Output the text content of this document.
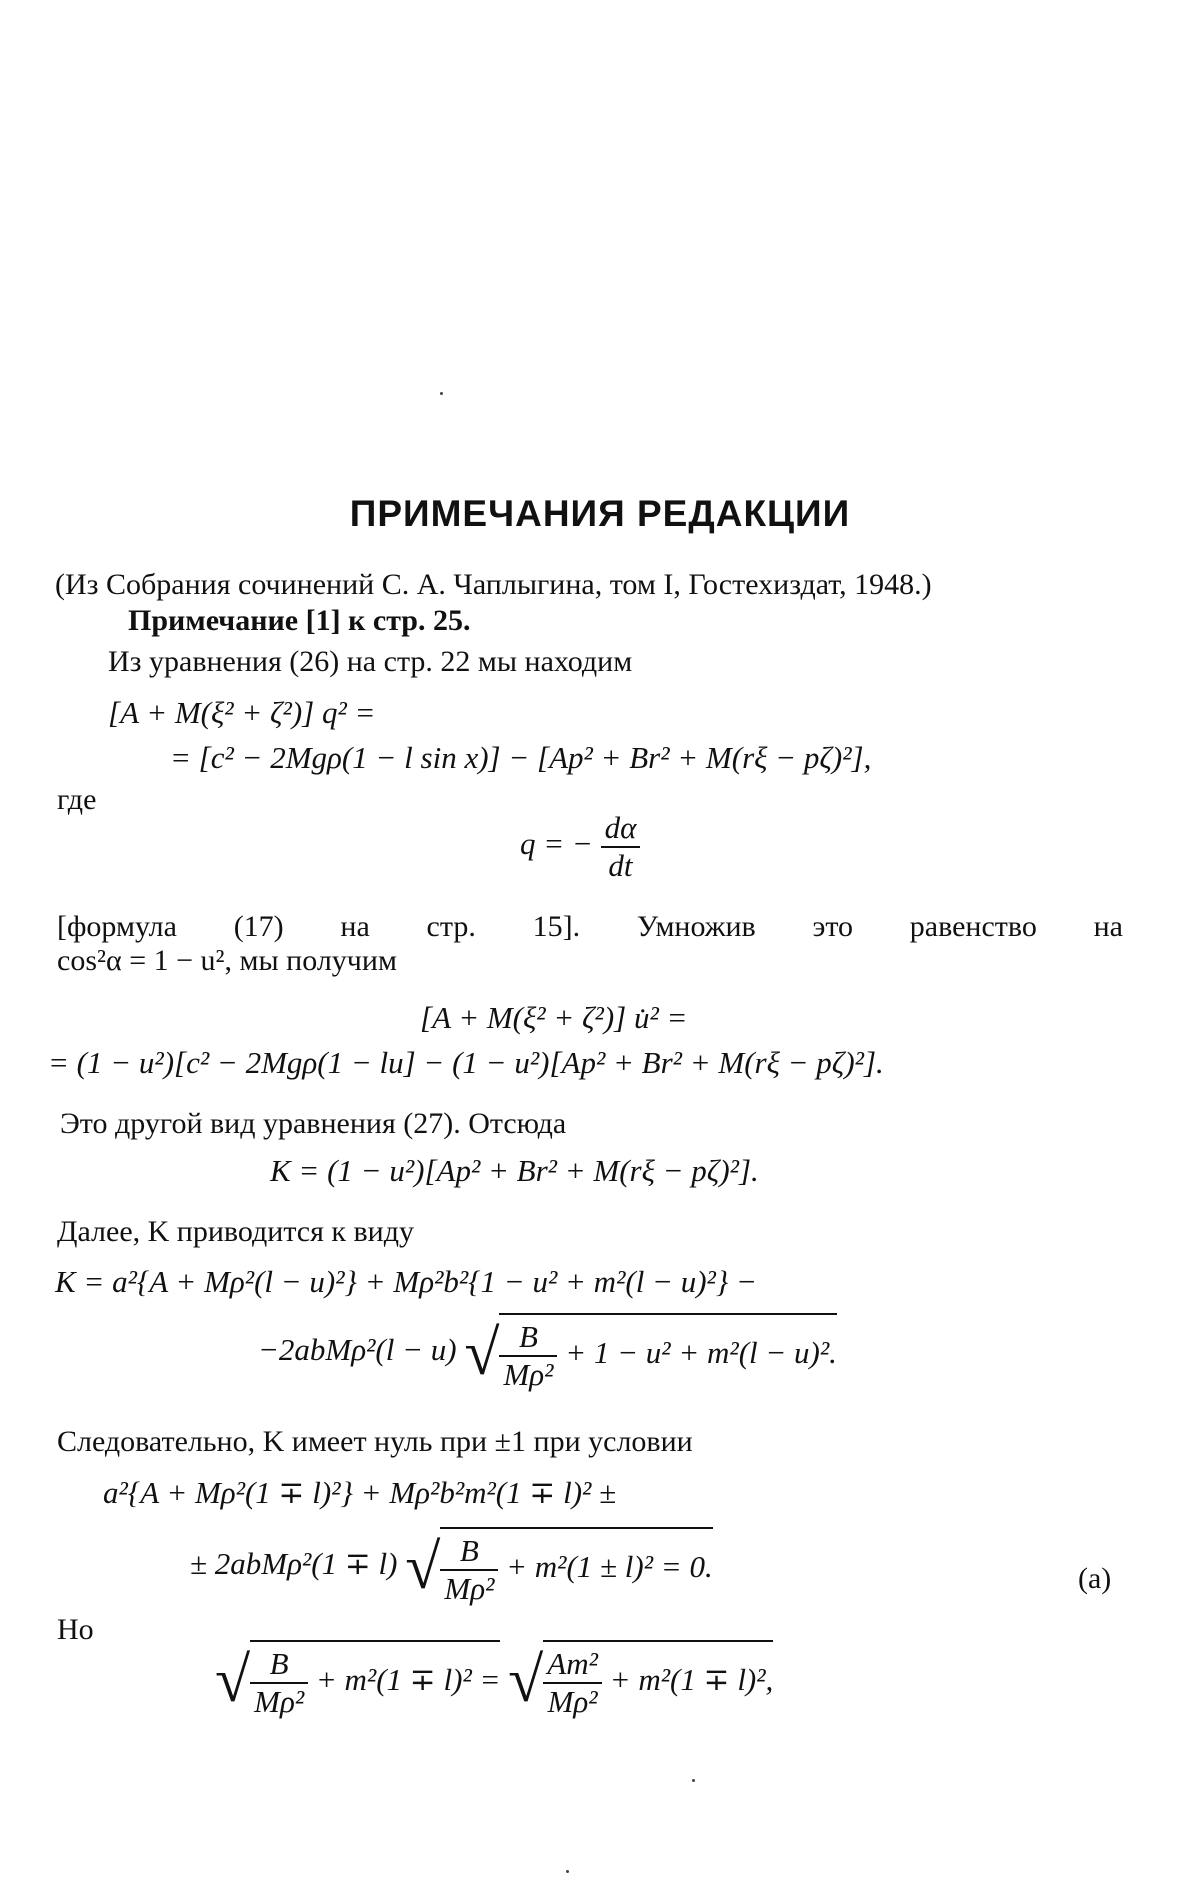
ПРИМЕЧАНИЯ РЕДАКЦИИ
(Из Собрания сочинений С. А. Чаплыгина, том I, Гостехиздат, 1948.)
Примечание [1] к стр. 25.
Из уравнения (26) на стр. 22 мы находим
[A + M(ξ² + ζ²)] q² =
= [c² − 2Mgρ(1 − l sin x)] − [Ap² + Br² + M(rξ − pζ)²],
где
q = − $\frac{d\alpha}{dt}$
[формула (17) на стр. 15]. Умножив это равенство на
cos²α = 1 − u², мы получим
[A + M(ξ² + ζ²)] u̇² =
= (1 − u²)[c² − 2Mgρ(1 − lu] − (1 − u²)[Ap² + Br² + M(rξ − pζ)²].
Это другой вид уравнения (27). Отсюда
K = (1 − u²)[Ap² + Br² + M(rξ − pζ)²].
Далее, K приводится к виду
K = a²{A + Mρ²(l − u)²} + Mρ²b²{1 − u² + m²(l − u)²} −
−2abMρ²(l − u) √ $\frac{B}{\text{Mρ²}} + 1 - u^2 + m^2(l - u)^2$.
Следовательно, K имеет нуль при ±1 при условии
a²{A + Mρ²(1 ∓ l)²} + Mρ²b²m²(1 ∓ l)² ±
± 2abMρ²(1 ∓ l) √ $\frac{B}{\text{Mρ²}} + m^2(1 \pm l)^2 = 0$.	(a)
Но
√ $\frac{B}{\text{Mρ²}} + m^2(1 \mp l)^2$ = √ $\frac{\text{Am²}}{\text{Mρ²}} + m^2(1 \mp l)^2$,
